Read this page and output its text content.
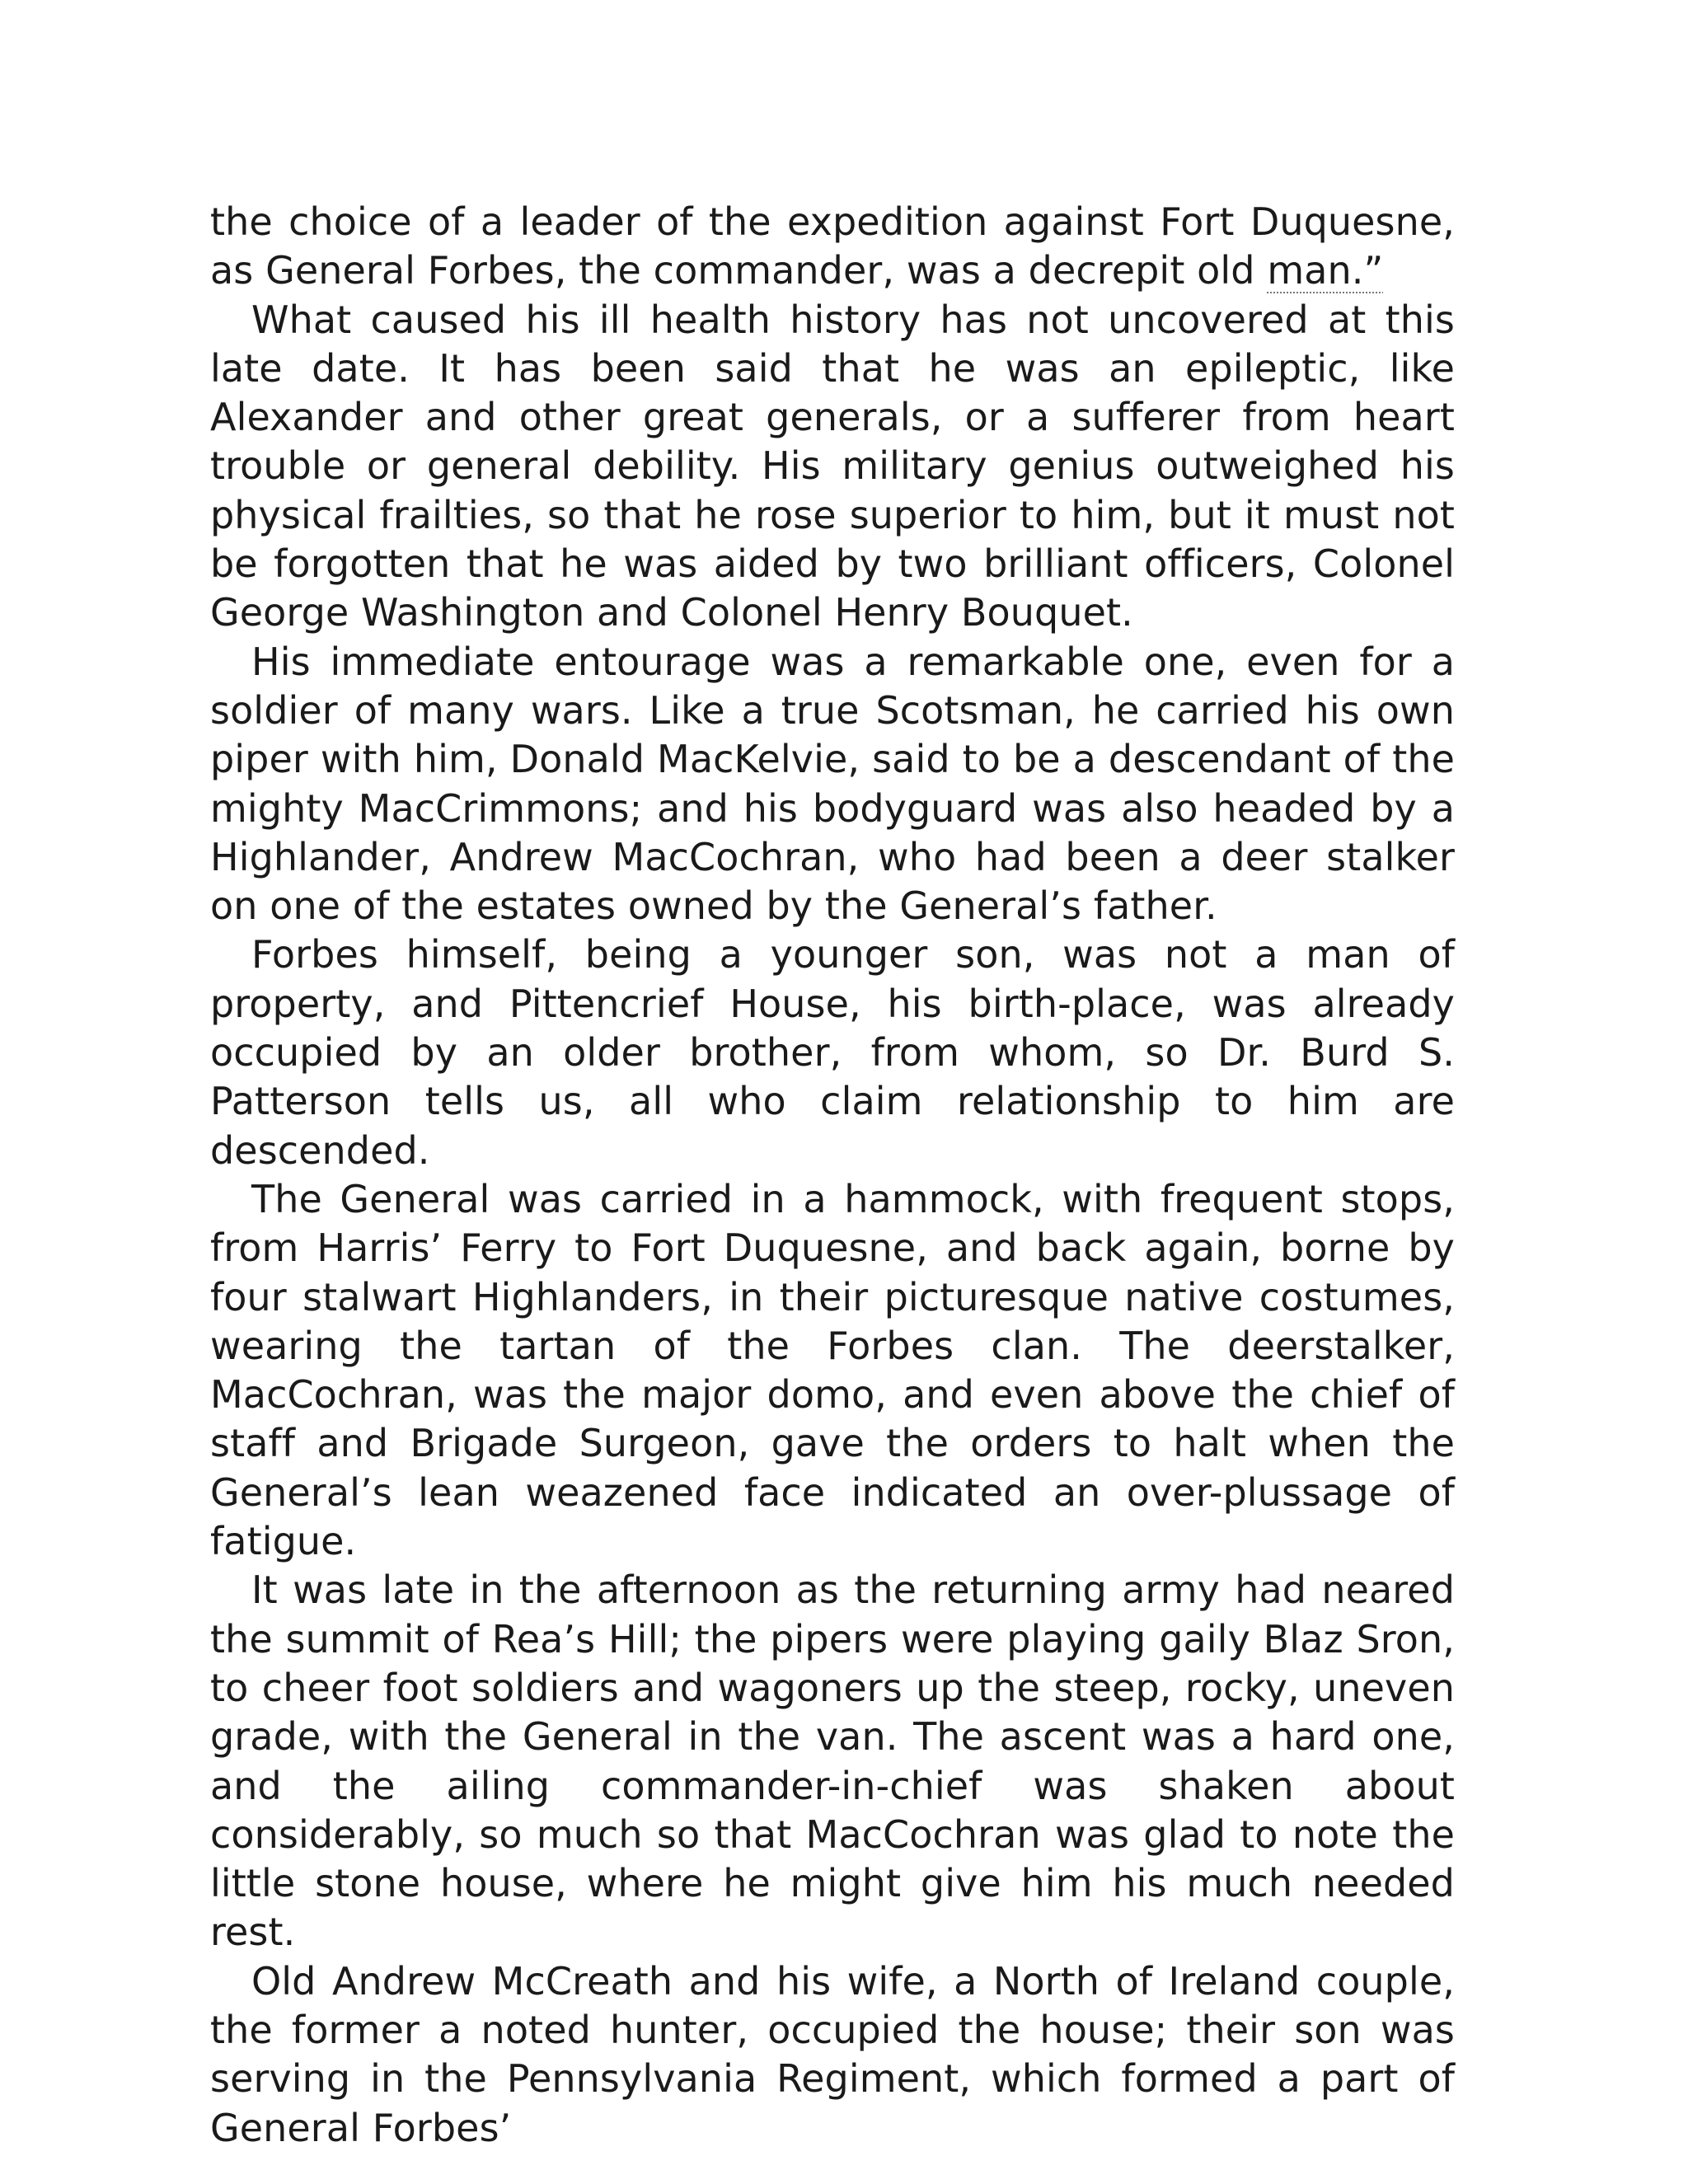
the choice of a leader of the expedition against Fort Duquesne, as General Forbes, the commander, was a decrepit old man.”

What caused his ill health history has not uncovered at this late date. It has been said that he was an epileptic, like Alexander and other great generals, or a sufferer from heart trouble or general debility. His military genius outweighed his physical frailties, so that he rose superior to him, but it must not be forgotten that he was aided by two brilliant officers, Colonel George Washington and Colonel Henry Bouquet.

His immediate entourage was a remarkable one, even for a soldier of many wars. Like a true Scotsman, he carried his own piper with him, Donald MacKelvie, said to be a descendant of the mighty MacCrimmons; and his bodyguard was also headed by a Highlander, Andrew MacCochran, who had been a deer stalker on one of the estates owned by the General’s father.

Forbes himself, being a younger son, was not a man of property, and Pittencrief House, his birth-place, was already occupied by an older brother, from whom, so Dr. Burd S. Patterson tells us, all who claim relationship to him are descended.

The General was carried in a hammock, with frequent stops, from Harris’ Ferry to Fort Duquesne, and back again, borne by four stalwart Highlanders, in their picturesque native costumes, wearing the tartan of the Forbes clan. The deerstalker, MacCochran, was the major domo, and even above the chief of staff and Brigade Surgeon, gave the orders to halt when the General’s lean weazened face indicated an over-plussage of fatigue.

It was late in the afternoon as the returning army had neared the summit of Rea’s Hill; the pipers were playing gaily Blaz Sron, to cheer foot soldiers and wagoners up the steep, rocky, uneven grade, with the General in the van. The ascent was a hard one, and the ailing commander-in-chief was shaken about considerably, so much so that MacCochran was glad to note the little stone house, where he might give him his much needed rest.

Old Andrew McCreath and his wife, a North of Ireland couple, the former a noted hunter, occupied the house; their son was serving in the Pennsylvania Regiment, which formed a part of General Forbes’
